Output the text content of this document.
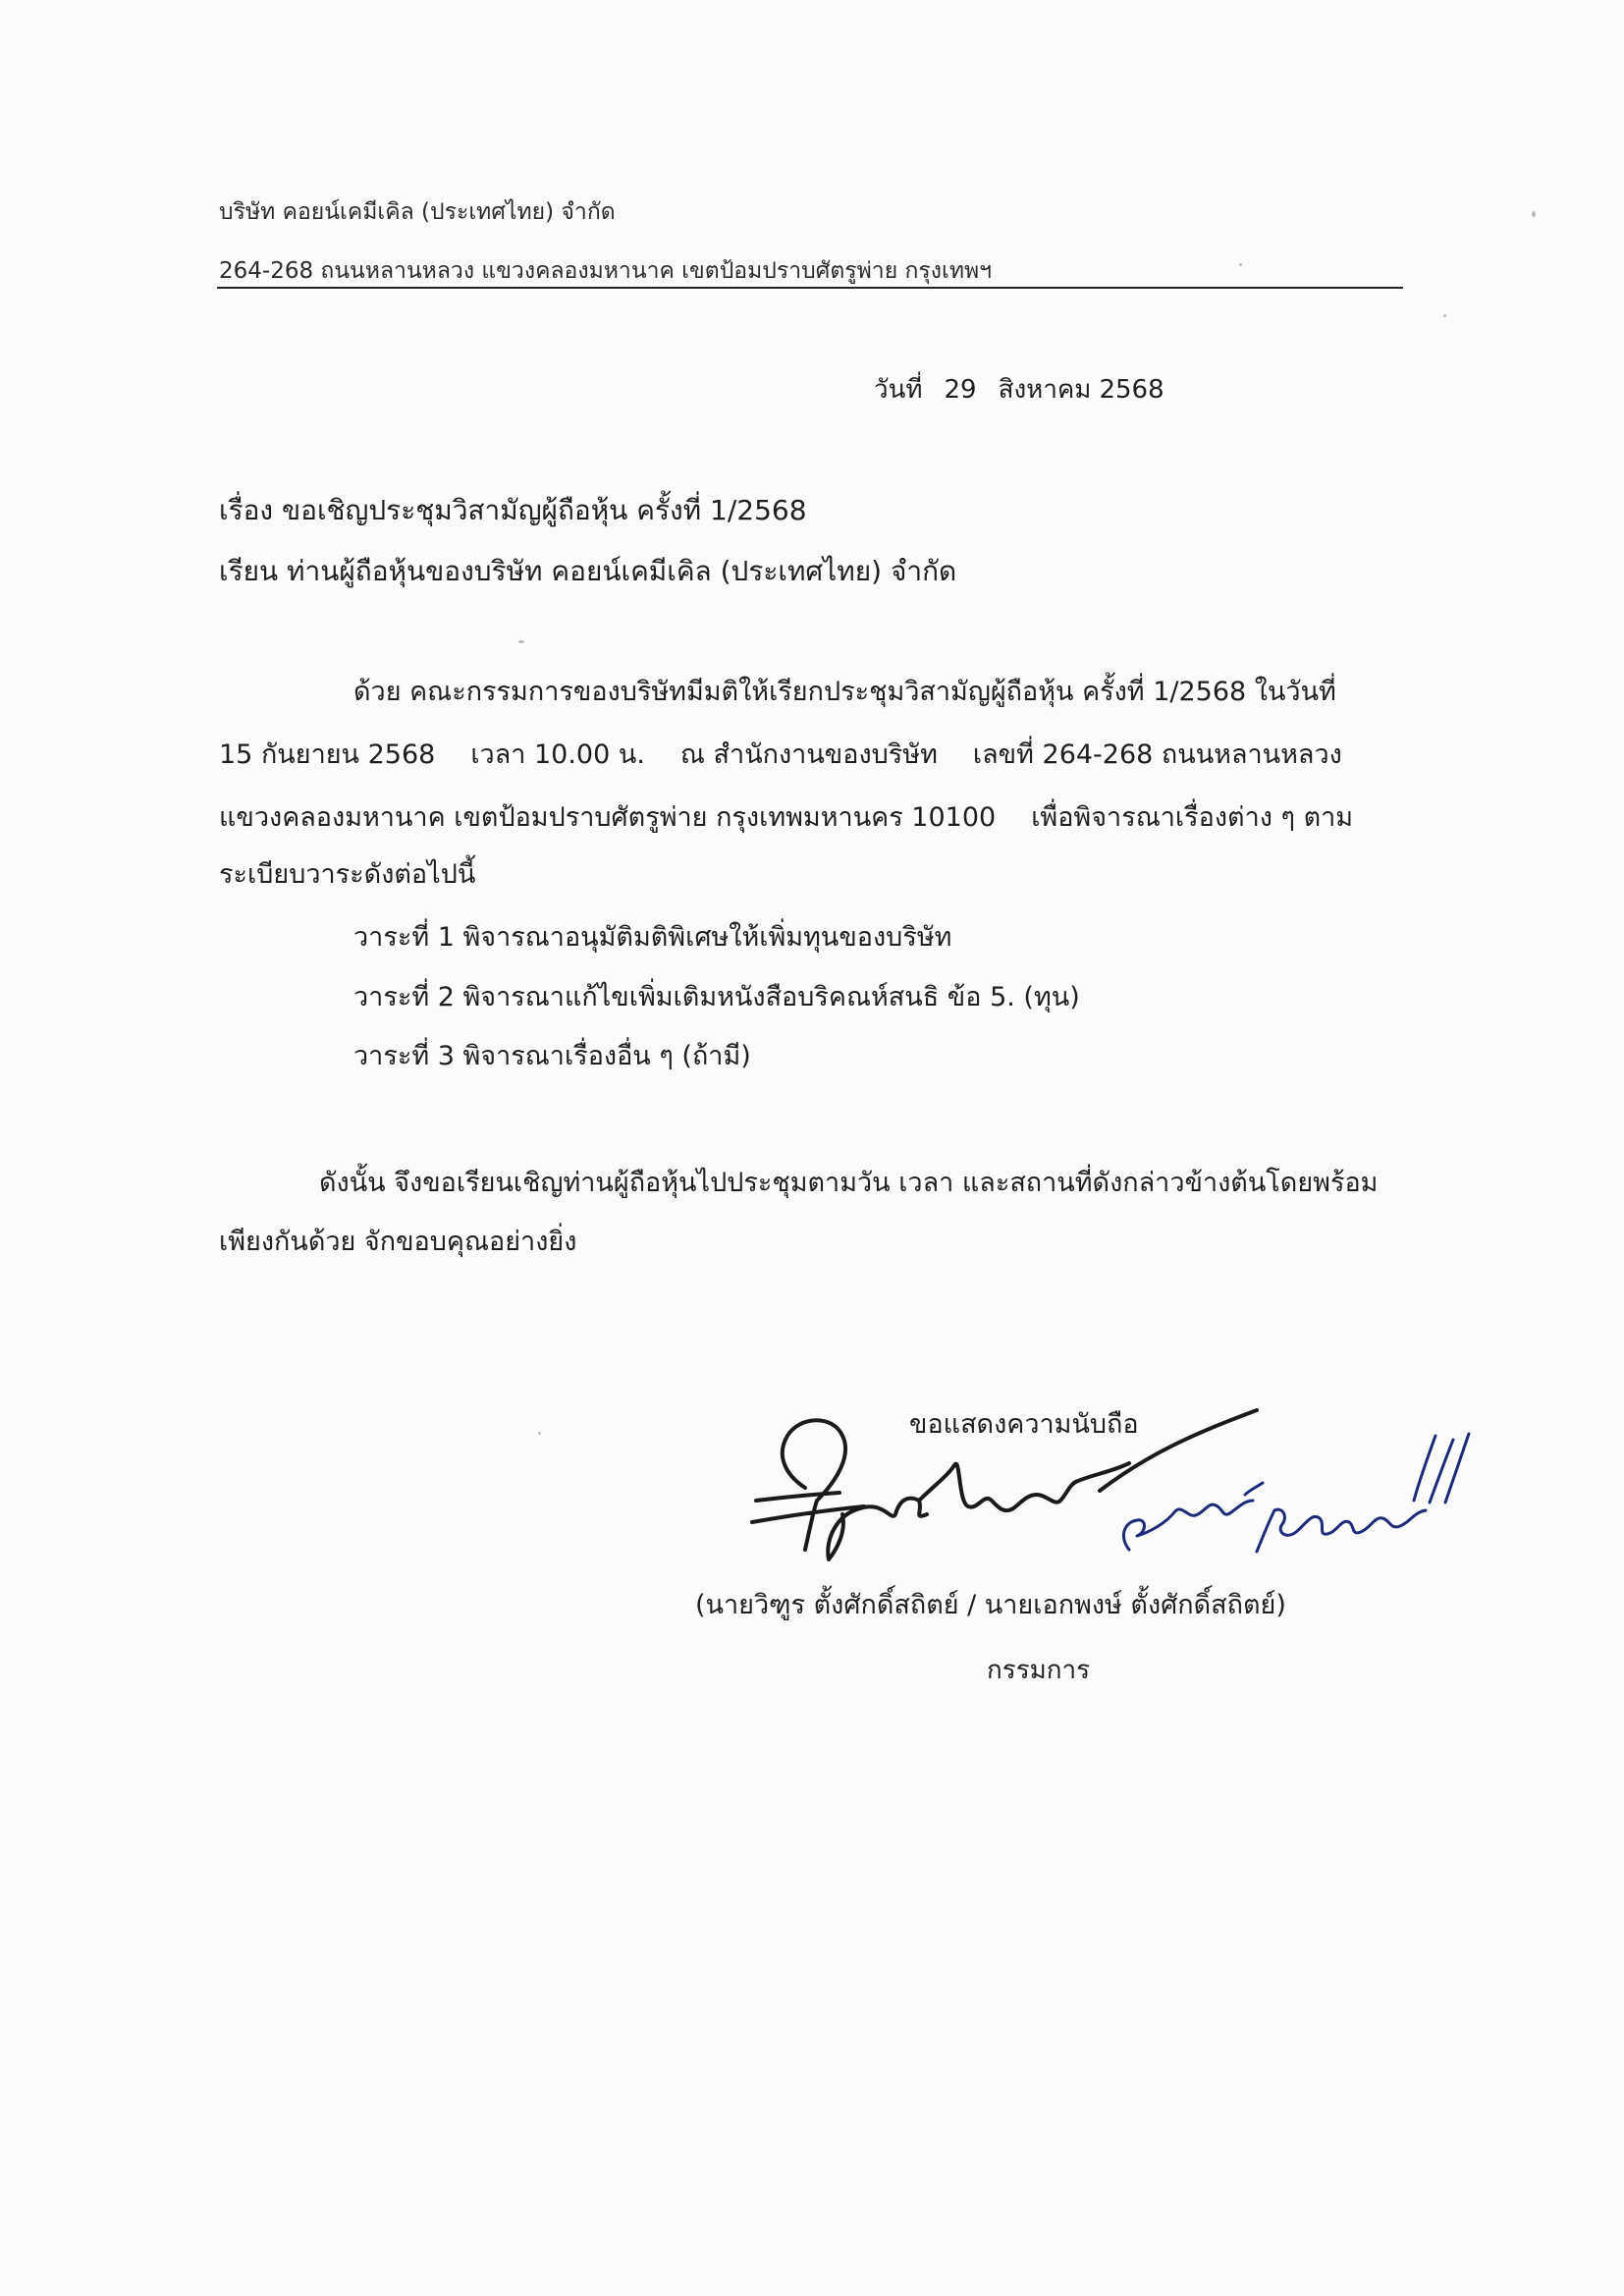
บริษัท คอยน์เคมีเคิล (ประเทศไทย) จำกัด
264-268 ถนนหลานหลวง แขวงคลองมหานาค เขตป้อมปราบศัตรูพ่าย กรุงเทพฯ
วันที่ 29 สิงหาคม 2568
เรื่อง ขอเชิญประชุมวิสามัญผู้ถือหุ้น ครั้งที่ 1/2568
เรียน ท่านผู้ถือหุ้นของบริษัท คอยน์เคมีเคิล (ประเทศไทย) จำกัด
ด้วย คณะกรรมการของบริษัทมีมติให้เรียกประชุมวิสามัญผู้ถือหุ้น ครั้งที่ 1/2568 ในวันที่
15 กันยายน 2568 เวลา 10.00 น. ณ สำนักงานของบริษัท เลขที่ 264-268 ถนนหลานหลวง
แขวงคลองมหานาค เขตป้อมปราบศัตรูพ่าย กรุงเทพมหานคร 10100 เพื่อพิจารณาเรื่องต่าง ๆ ตาม
ระเบียบวาระดังต่อไปนี้
วาระที่ 1 พิจารณาอนุมัติมติพิเศษให้เพิ่มทุนของบริษัท
วาระที่ 2 พิจารณาแก้ไขเพิ่มเติมหนังสือบริคณห์สนธิ ข้อ 5. (ทุน)
วาระที่ 3 พิจารณาเรื่องอื่น ๆ (ถ้ามี)
ดังนั้น จึงขอเรียนเชิญท่านผู้ถือหุ้นไปประชุมตามวัน เวลา และสถานที่ดังกล่าวข้างต้นโดยพร้อม
เพียงกันด้วย จักขอบคุณอย่างยิ่ง
ขอแสดงความนับถือ
(นายวิฑูร ตั้งศักดิ์สถิตย์ / นายเอกพงษ์ ตั้งศักดิ์สถิตย์)
กรรมการ
